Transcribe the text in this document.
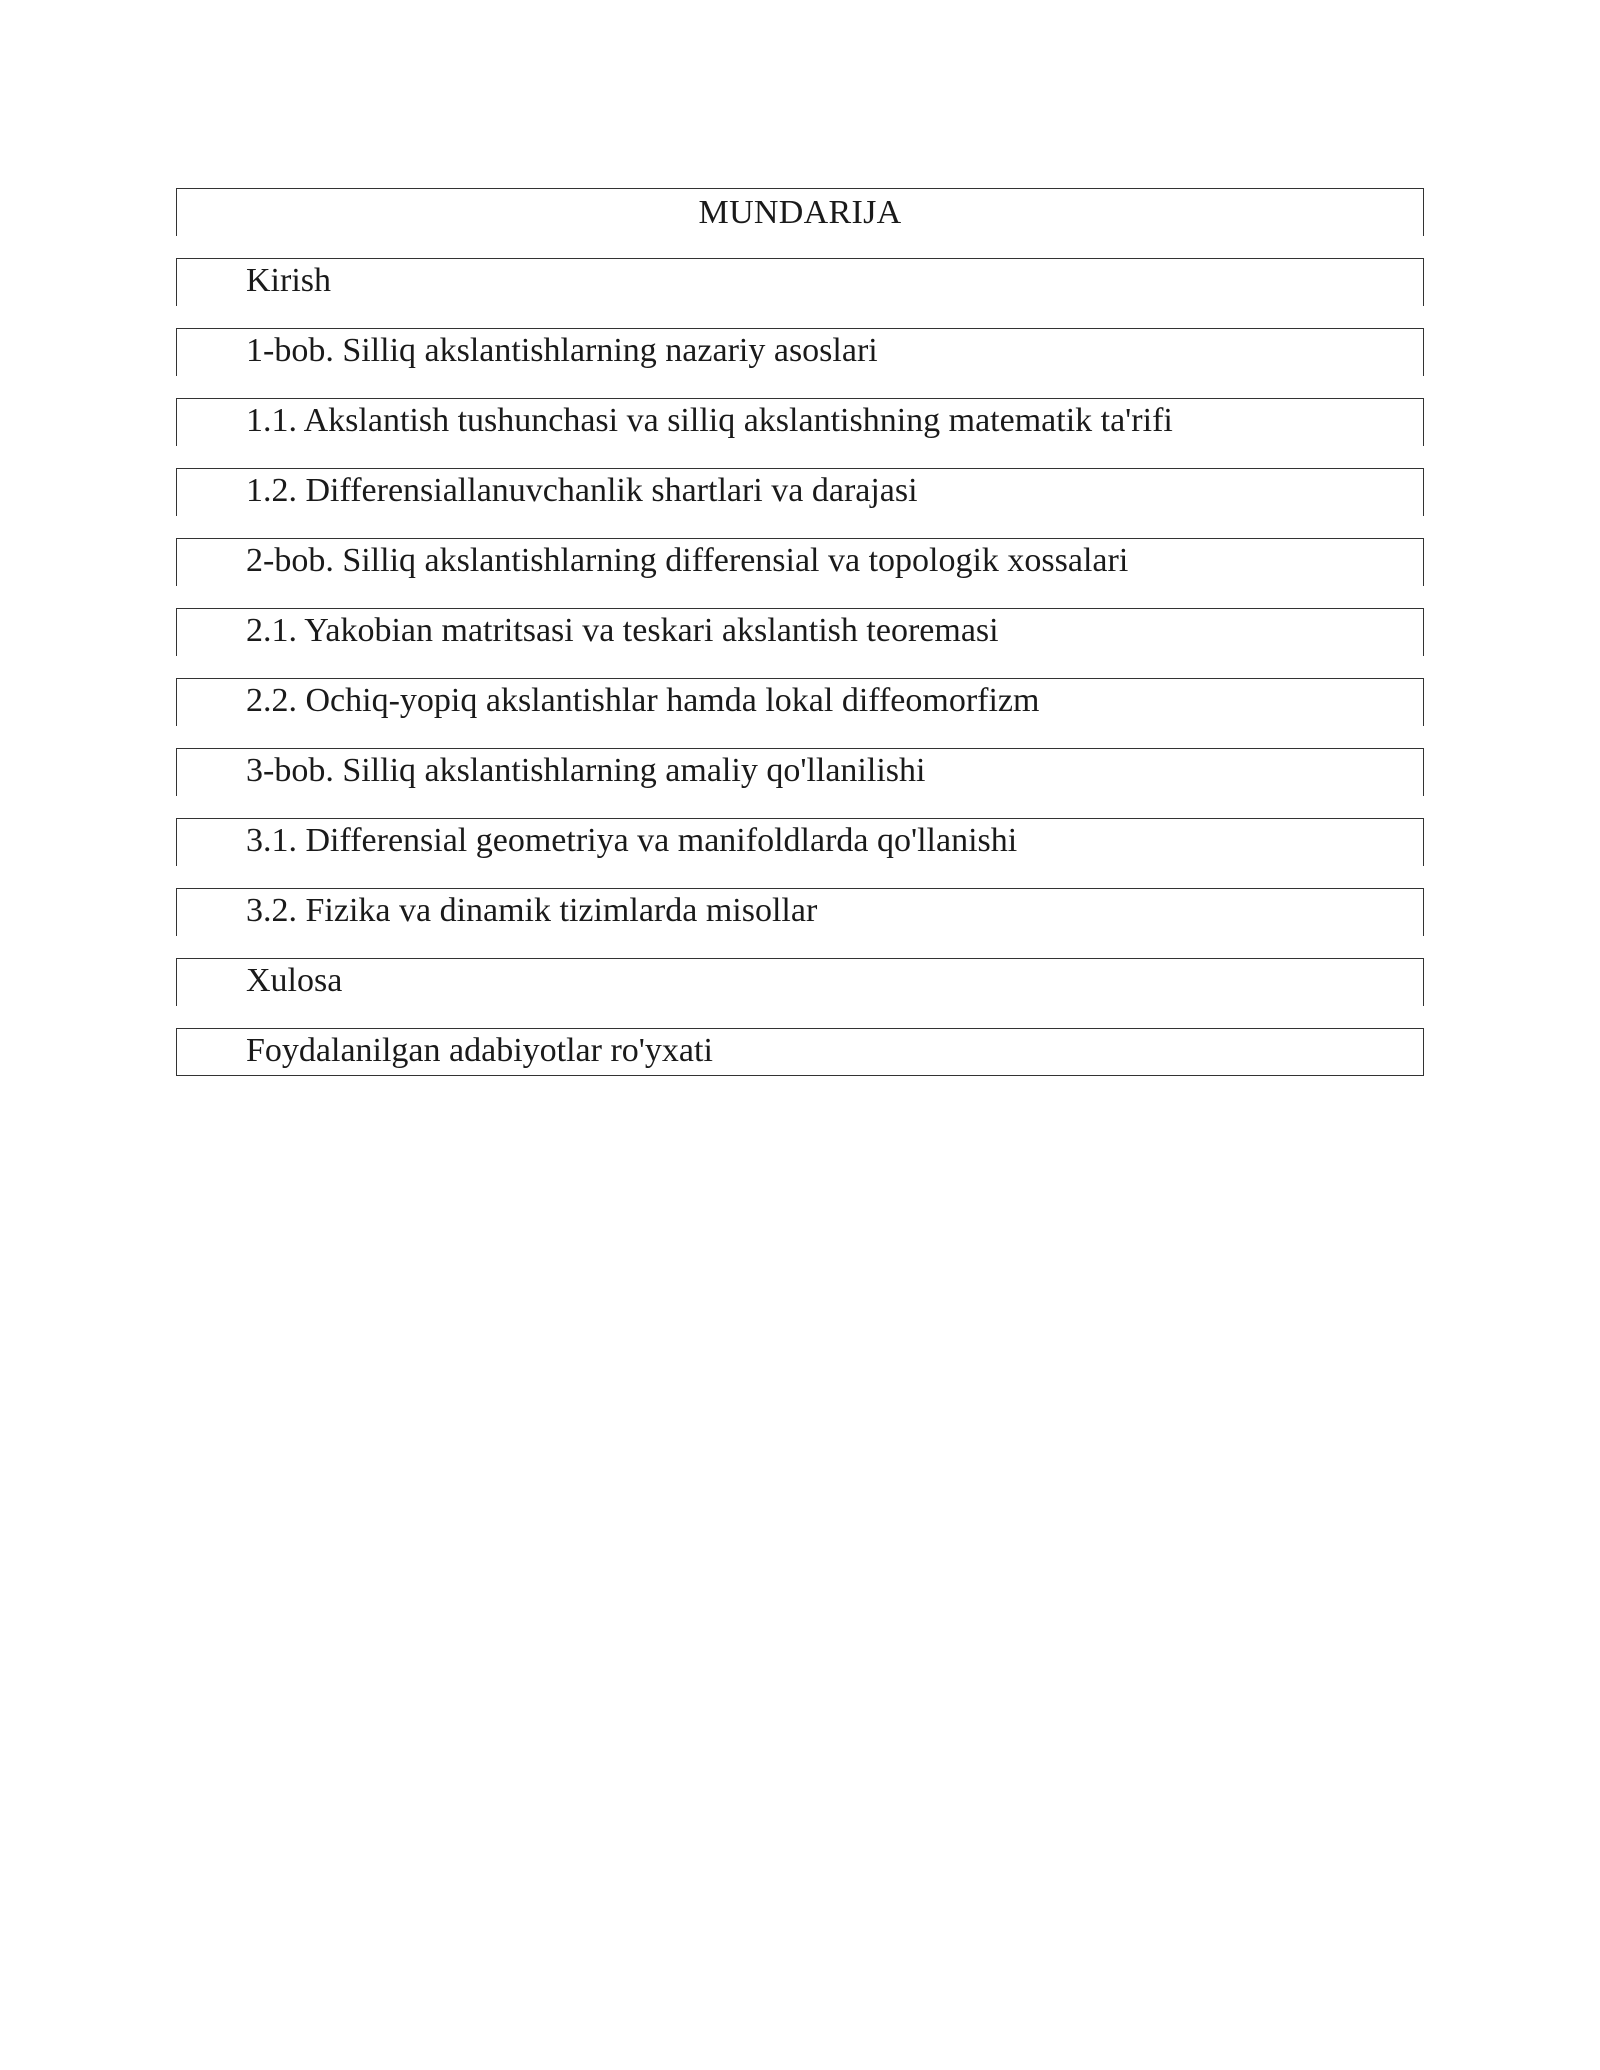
MUNDARIJA
Kirish
1-bob. Silliq akslantishlarning nazariy asoslari
1.1. Akslantish tushunchasi va silliq akslantishning matematik ta'rifi
1.2. Differensiallanuvchanlik shartlari va darajasi
2-bob. Silliq akslantishlarning differensial va topologik xossalari
2.1. Yakobian matritsasi va teskari akslantish teoremasi
2.2. Ochiq-yopiq akslantishlar hamda lokal diffeomorfizm
3-bob. Silliq akslantishlarning amaliy qo'llanilishi
3.1. Differensial geometriya va manifoldlarda qo'llanishi
3.2. Fizika va dinamik tizimlarda misollar
Xulosa
Foydalanilgan adabiyotlar ro'yxati
